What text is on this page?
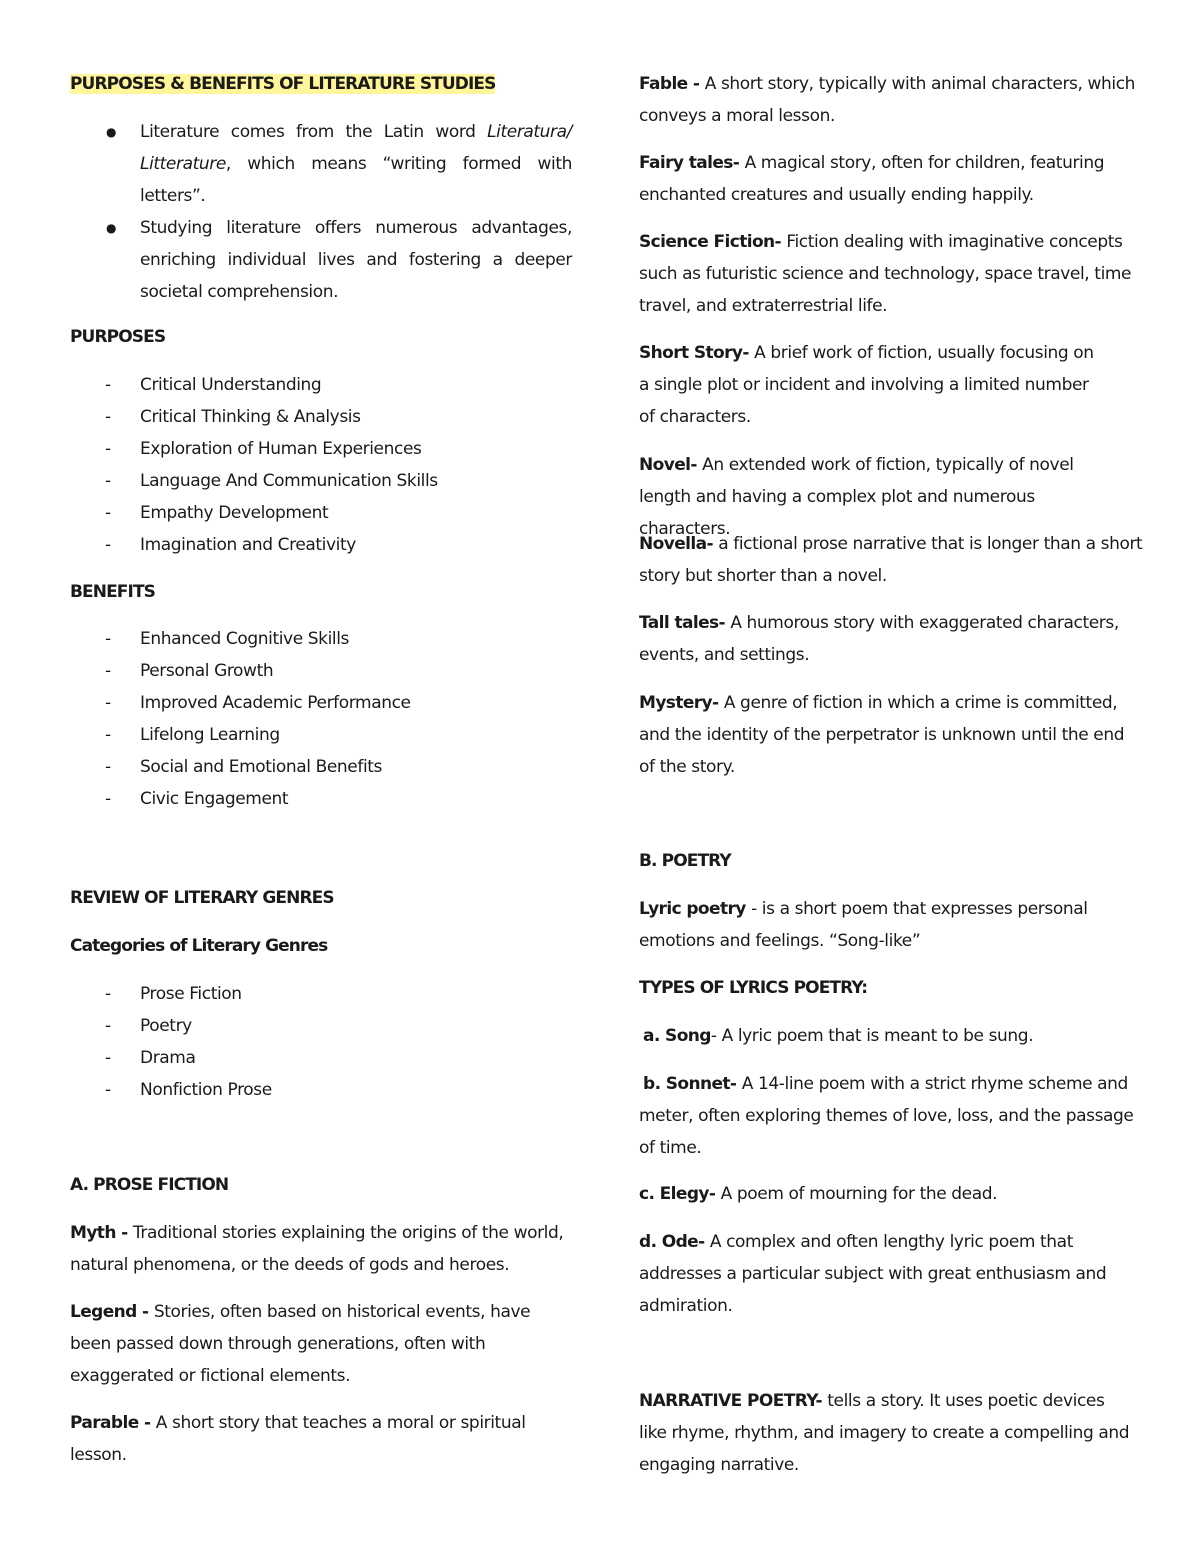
PURPOSES & BENEFITS OF LITERATURE STUDIES
● Literature comes from the Latin word Literatura/ Litterature, which means “writing formed with letters”.
● Studying literature offers numerous advantages, enriching individual lives and fostering a deeper societal comprehension.
PURPOSES
- Critical Understanding
- Critical Thinking & Analysis
- Exploration of Human Experiences
- Language And Communication Skills
- Empathy Development
- Imagination and Creativity
BENEFITS
- Enhanced Cognitive Skills
- Personal Growth
- Improved Academic Performance
- Lifelong Learning
- Social and Emotional Benefits
- Civic Engagement
REVIEW OF LITERARY GENRES
Categories of Literary Genres
- Prose Fiction
- Poetry
- Drama
- Nonfiction Prose
A. PROSE FICTION

Myth - Traditional stories explaining the origins of the world, natural phenomena, or the deeds of gods and heroes.

Legend - Stories, often based on historical events, have been passed down through generations, often with exaggerated or fictional elements.

Parable - A short story that teaches a moral or spiritual lesson.

Fable - A short story, typically with animal characters, which conveys a moral lesson.

Fairy tales- A magical story, often for children, featuring enchanted creatures and usually ending happily.

Science Fiction- Fiction dealing with imaginative concepts such as futuristic science and technology, space travel, time travel, and extraterrestrial life.

Short Story- A brief work of fiction, usually focusing on a single plot or incident and involving a limited number of characters.

Novel- An extended work of fiction, typically of novel length and having a complex plot and numerous characters.

Novella- a fictional prose narrative that is longer than a short story but shorter than a novel.

Tall tales- A humorous story with exaggerated characters, events, and settings.

Mystery- A genre of fiction in which a crime is committed, and the identity of the perpetrator is unknown until the end of the story.

B. POETRY

Lyric poetry - is a short poem that expresses personal emotions and feelings. “Song-like”

TYPES OF LYRICS POETRY:

a. Song- A lyric poem that is meant to be sung.

b. Sonnet- A 14-line poem with a strict rhyme scheme and meter, often exploring themes of love, loss, and the passage of time.

c. Elegy- A poem of mourning for the dead.

d. Ode- A complex and often lengthy lyric poem that addresses a particular subject with great enthusiasm and admiration.

NARRATIVE POETRY- tells a story. It uses poetic devices like rhyme, rhythm, and imagery to create a compelling and engaging narrative.
